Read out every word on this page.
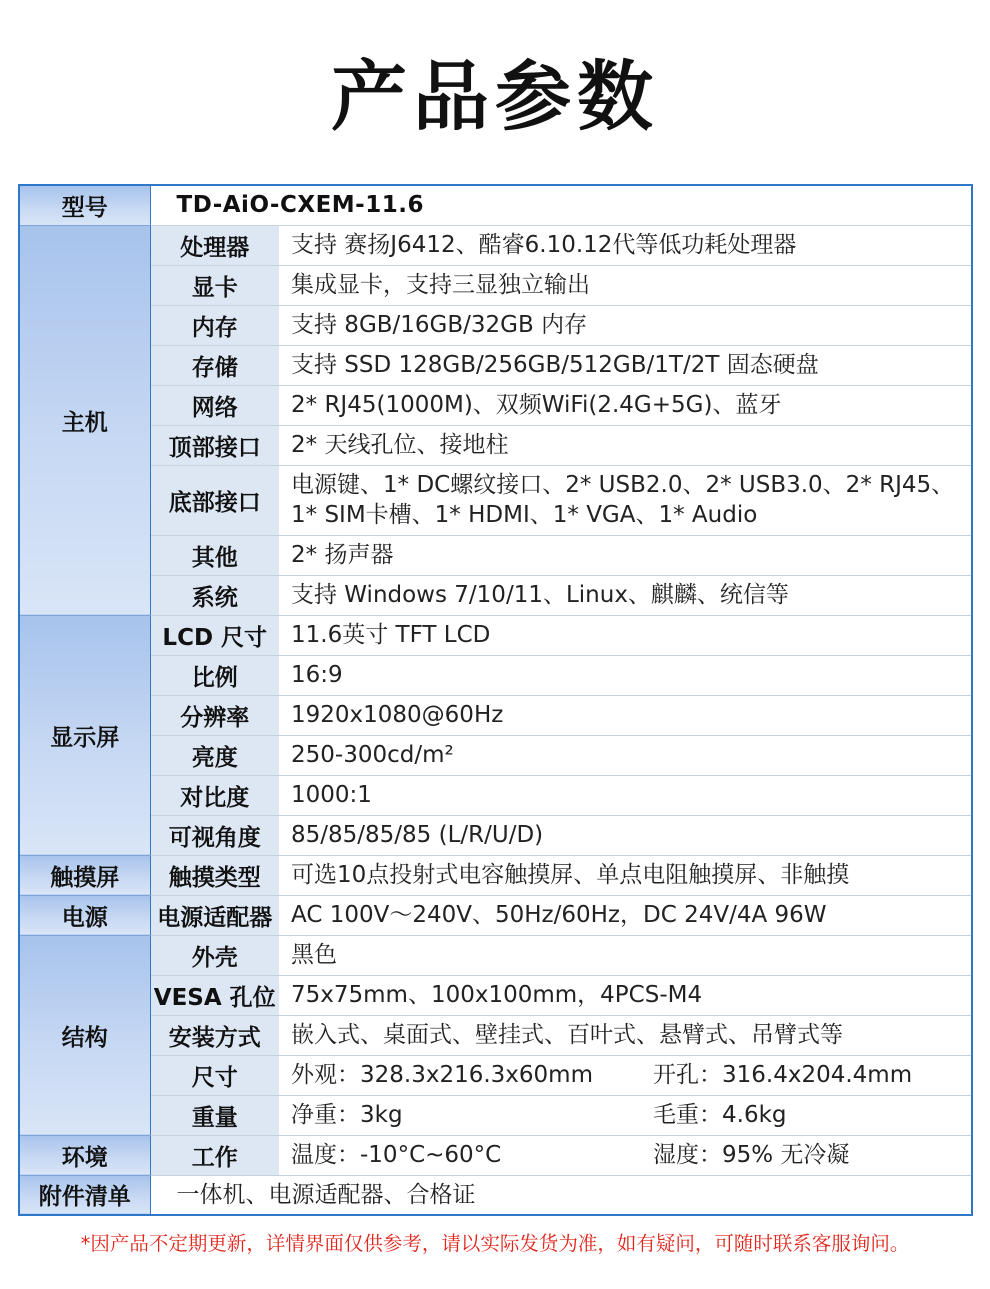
产品参数
型号	TD-AiO-CXEM-11.6	
主机	处理器	支持 赛扬J6412、酷睿6.10.12代等低功耗处理器
	显卡	集成显卡，支持三显独立输出
	内存	支持 8GB/16GB/32GB 内存
	存储	支持 SSD 128GB/256GB/512GB/1T/2T 固态硬盘
	网络	2* RJ45(1000M)、双频WiFi(2.4G+5G)、蓝牙
	顶部接口	2* 天线孔位、接地柱
	底部接口	电源键、1* DC螺纹接口、2* USB2.0、2* USB3.0、2* RJ45、
1* SIM卡槽、1* HDMI、1* VGA、1* Audio

	其他	2* 扬声器
	系统	支持 Windows 7/10/11、Linux、麒麟、统信等
显示屏	LCD 尺寸	11.6英寸 TFT LCD
	比例	16:9
	分辨率	1920x1080@60Hz
	亮度	250-300cd/m²
	对比度	1000:1
	可视角度	85/85/85/85 (L/R/U/D)
触摸屏	触摸类型	可选10点投射式电容触摸屏、单点电阻触摸屏、非触摸
电源	电源适配器	AC 100V～240V、50Hz/60Hz，DC 24V/4A 96W
结构	外壳	黑色
	VESA 孔位	75x75mm、100x100mm，4PCS-M4
	安装方式	嵌入式、桌面式、壁挂式、百叶式、悬臂式、吊臂式等
	尺寸	外观：328.3x216.3x60mm 开孔：316.4x204.4mm
	重量	净重：3kg 毛重：4.6kg
环境	工作	温度：-10°C~60°C 湿度：95% 无冷凝
附件清单	一体机、电源适配器、合格证	
*因产品不定期更新，详情界面仅供参考，请以实际发货为准，如有疑问，可随时联系客服询问。
